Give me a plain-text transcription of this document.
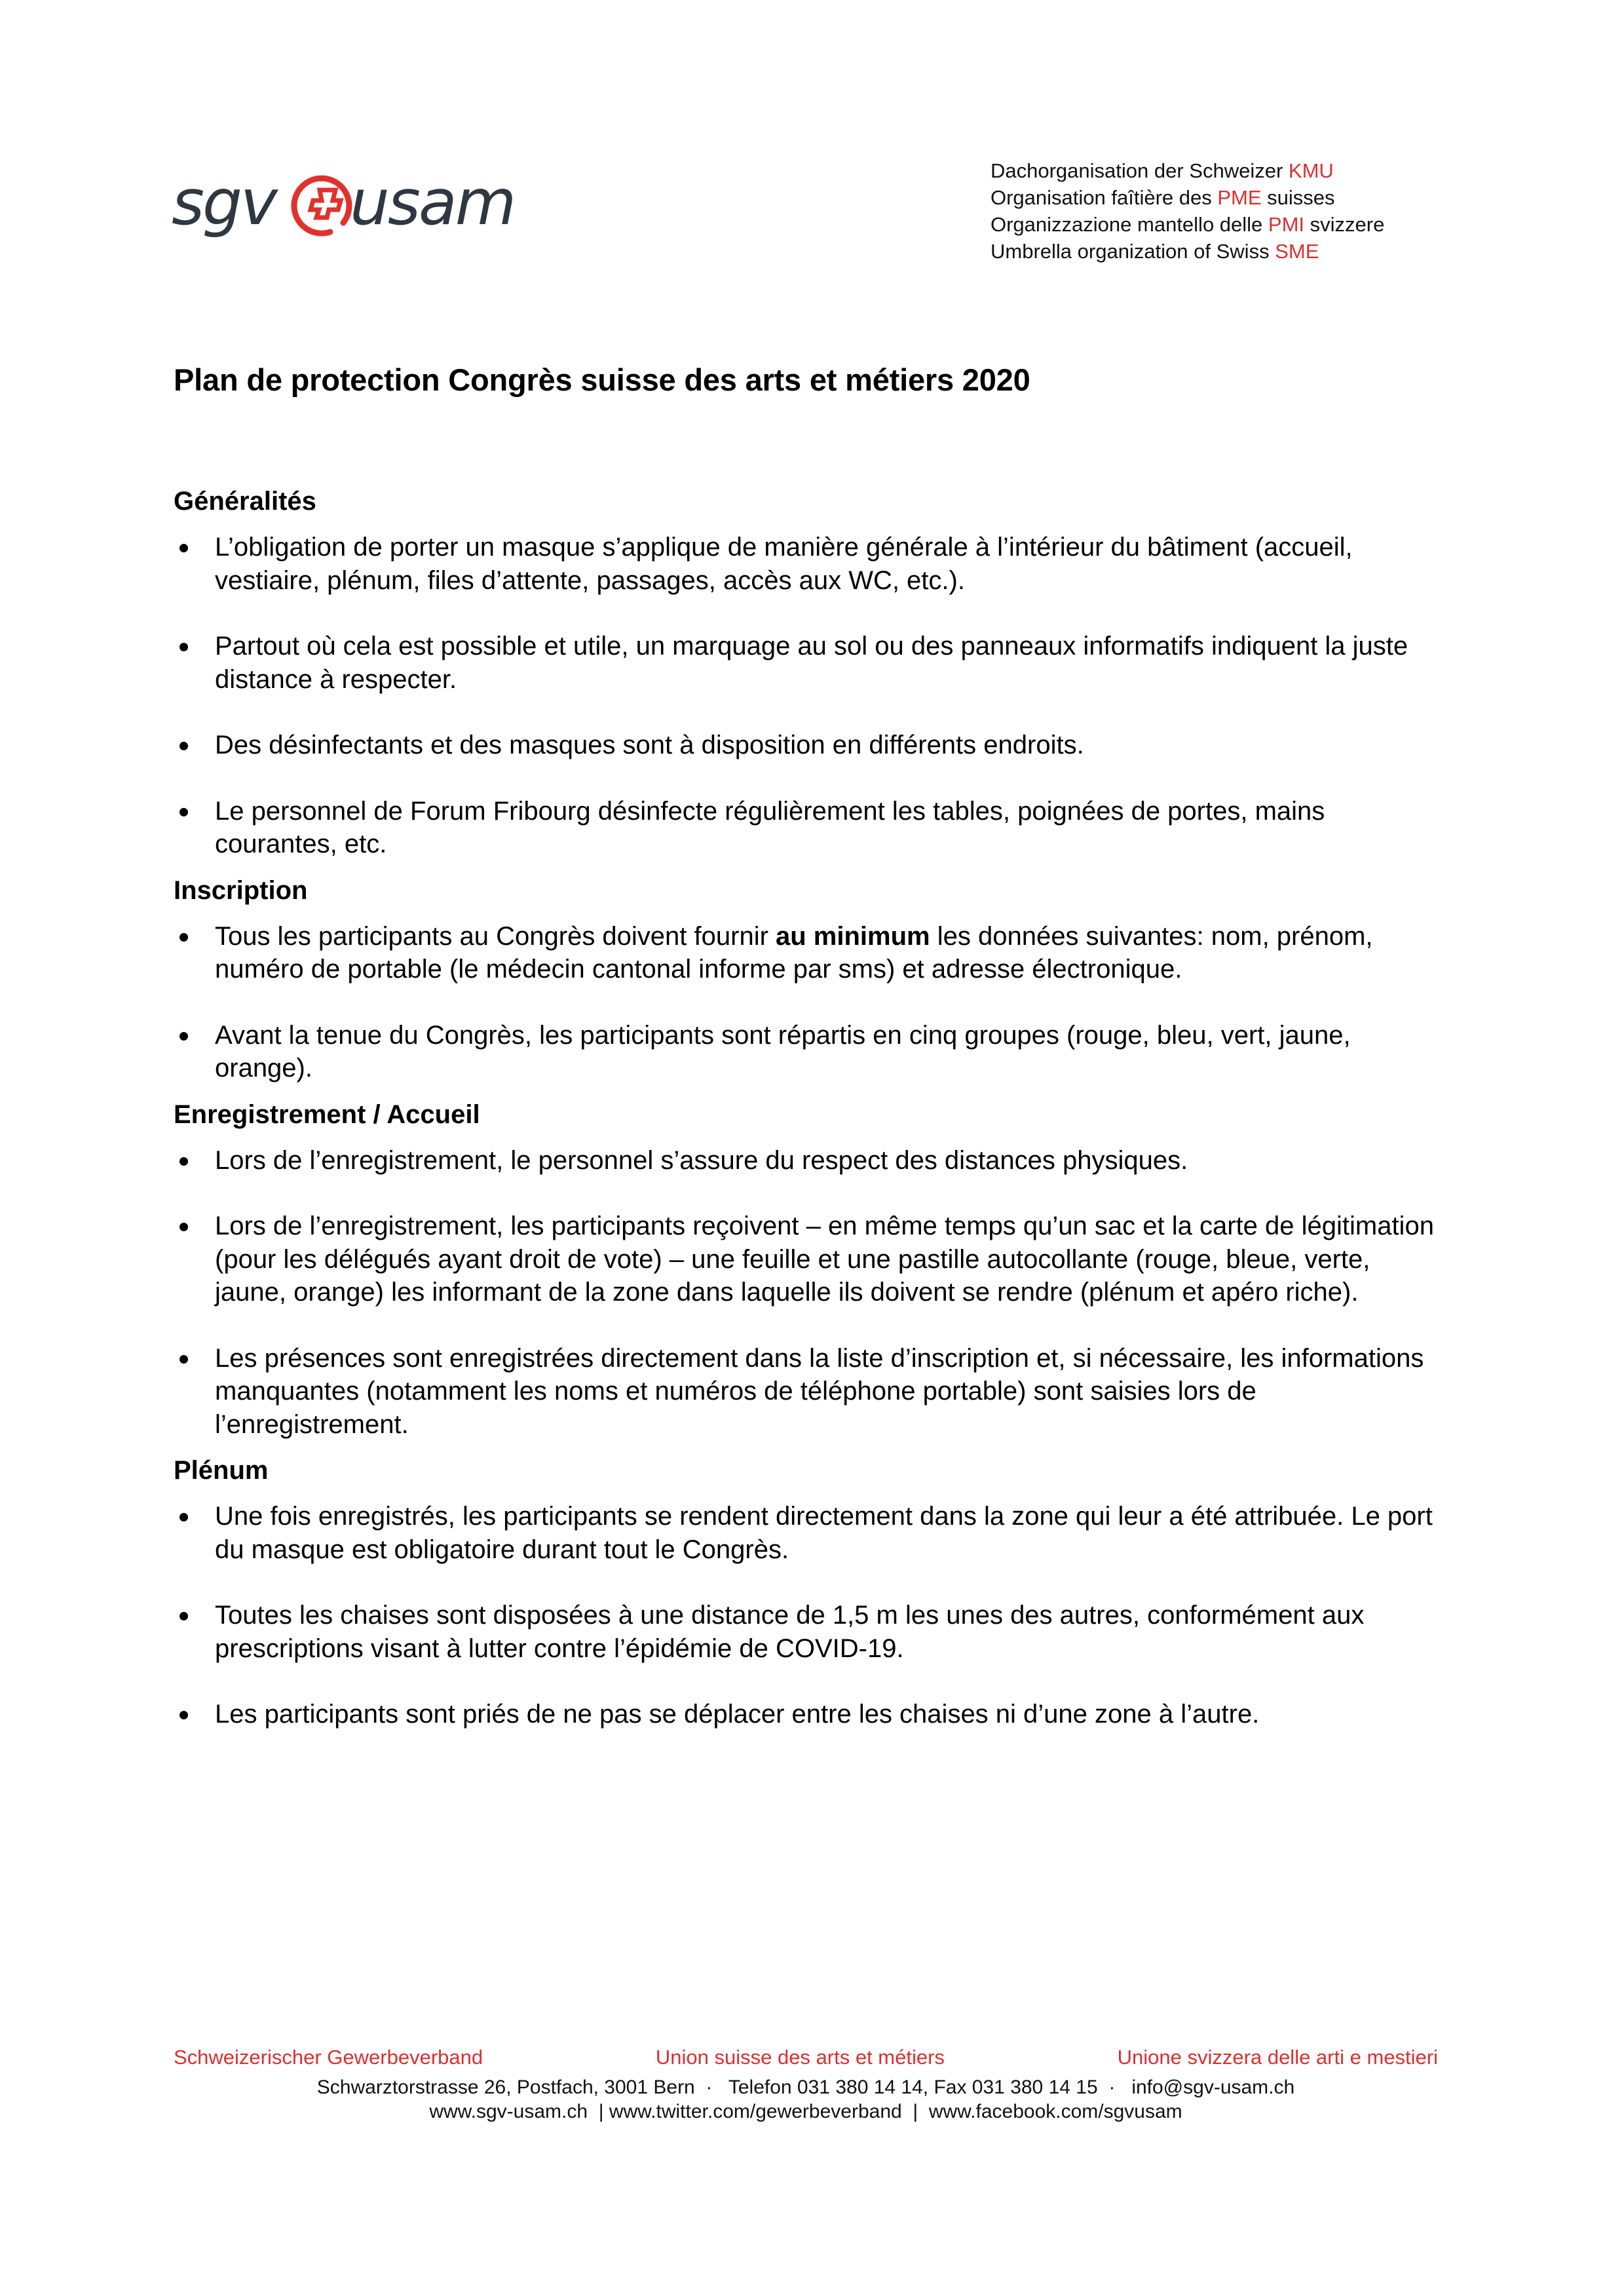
sgv usam	Dachorganisation der Schweizer KMU
Organisation faîtière des PME suisses
Organizzazione mantello delle PMI svizzere
Umbrella organization of Swiss SME
Plan de protection Congrès suisse des arts et métiers 2020
Généralités
L’obligation de porter un masque s’applique de manière générale à l’intérieur du bâtiment (accueil, vestiaire, plénum, files d’attente, passages, accès aux WC, etc.).
Partout où cela est possible et utile, un marquage au sol ou des panneaux informatifs indiquent la juste distance à respecter.
Des désinfectants et des masques sont à disposition en différents endroits.
Le personnel de Forum Fribourg désinfecte régulièrement les tables, poignées de portes, mains courantes, etc.
Inscription
Tous les participants au Congrès doivent fournir au minimum les données suivantes: nom, prénom, numéro de portable (le médecin cantonal informe par sms) et adresse électronique.
Avant la tenue du Congrès, les participants sont répartis en cinq groupes (rouge, bleu, vert, jaune, orange).
Enregistrement / Accueil
Lors de l’enregistrement, le personnel s’assure du respect des distances physiques.
Lors de l’enregistrement, les participants reçoivent – en même temps qu’un sac et la carte de légitimation (pour les délégués ayant droit de vote) – une feuille et une pastille autocollante (rouge, bleue, verte, jaune, orange) les informant de la zone dans laquelle ils doivent se rendre (plénum et apéro riche).
Les présences sont enregistrées directement dans la liste d’inscription et, si nécessaire, les informations manquantes (notamment les noms et numéros de téléphone portable) sont saisies lors de l’enregistrement.
Plénum
Une fois enregistrés, les participants se rendent directement dans la zone qui leur a été attribuée. Le port du masque est obligatoire durant tout le Congrès.
Toutes les chaises sont disposées à une distance de 1,5 m les unes des autres, conformément aux prescriptions visant à lutter contre l’épidémie de COVID-19.
Les participants sont priés de ne pas se déplacer entre les chaises ni d’une zone à l’autre.
Schweizerischer Gewerbeverband	Union suisse des arts et métiers	Unione svizzera delle arti e mestieri
Schwarztorstrasse 26, Postfach, 3001 Bern  ·   Telefon 031 380 14 14, Fax 031 380 14 15  ·   info@sgv-usam.ch
www.sgv-usam.ch  | www.twitter.com/gewerbeverband  |  www.facebook.com/sgvusam
